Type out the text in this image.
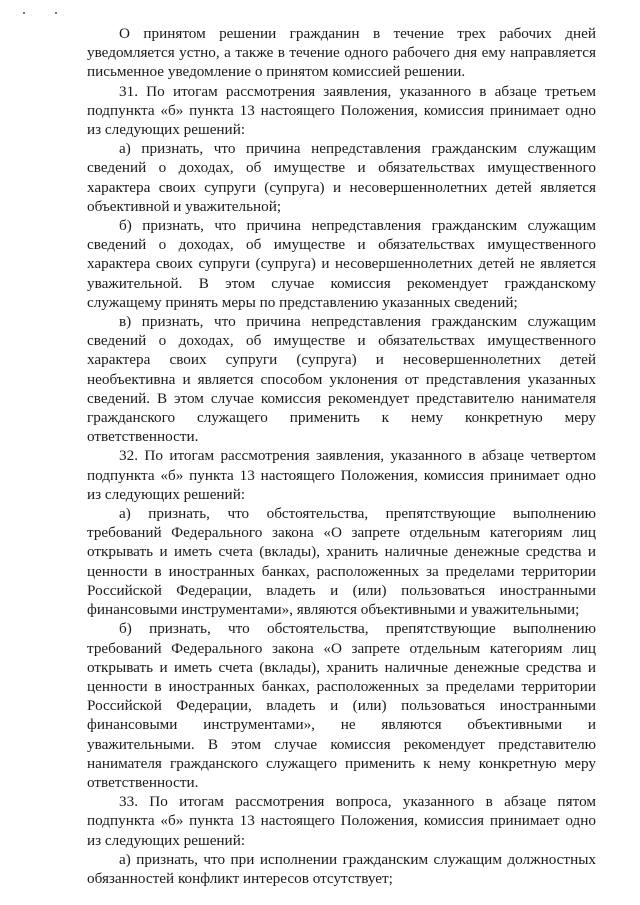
О принятом решении гражданин в течение трех рабочих дней уведомляется устно, а также в течение одного рабочего дня ему направляется письменное уведомление о принятом комиссией решении.

31. По итогам рассмотрения заявления, указанного в абзаце третьем подпункта «б» пункта 13 настоящего Положения, комиссия принимает одно из следующих решений:

а) признать, что причина непредставления гражданским служащим сведений о доходах, об имуществе и обязательствах имущественного характера своих супруги (супруга) и несовершеннолетних детей является объективной и уважительной;

б) признать, что причина непредставления гражданским служащим сведений о доходах, об имуществе и обязательствах имущественного характера своих супруги (супруга) и несовершеннолетних детей не является уважительной. В этом случае комиссия рекомендует гражданскому служащему принять меры по представлению указанных сведений;

в) признать, что причина непредставления гражданским служащим сведений о доходах, об имуществе и обязательствах имущественного характера своих супруги (супруга) и несовершеннолетних детей необъективна и является способом уклонения от представления указанных сведений. В этом случае комиссия рекомендует представителю нанимателя гражданского служащего применить к нему конкретную меру ответственности.

32. По итогам рассмотрения заявления, указанного в абзаце четвертом подпункта «б» пункта 13 настоящего Положения, комиссия принимает одно из следующих решений:

а) признать, что обстоятельства, препятствующие выполнению требований Федерального закона «О запрете отдельным категориям лиц открывать и иметь счета (вклады), хранить наличные денежные средства и ценности в иностранных банках, расположенных за пределами территории Российской Федерации, владеть и (или) пользоваться иностранными финансовыми инструментами», являются объективными и уважительными;

б) признать, что обстоятельства, препятствующие выполнению требований Федерального закона «О запрете отдельным категориям лиц открывать и иметь счета (вклады), хранить наличные денежные средства и ценности в иностранных банках, расположенных за пределами территории Российской Федерации, владеть и (или) пользоваться иностранными финансовыми инструментами», не являются объективными и уважительными. В этом случае комиссия рекомендует представителю нанимателя гражданского служащего применить к нему конкретную меру ответственности.

33. По итогам рассмотрения вопроса, указанного в абзаце пятом подпункта «б» пункта 13 настоящего Положения, комиссия принимает одно из следующих решений:

а) признать, что при исполнении гражданским служащим должностных обязанностей конфликт интересов отсутствует;
